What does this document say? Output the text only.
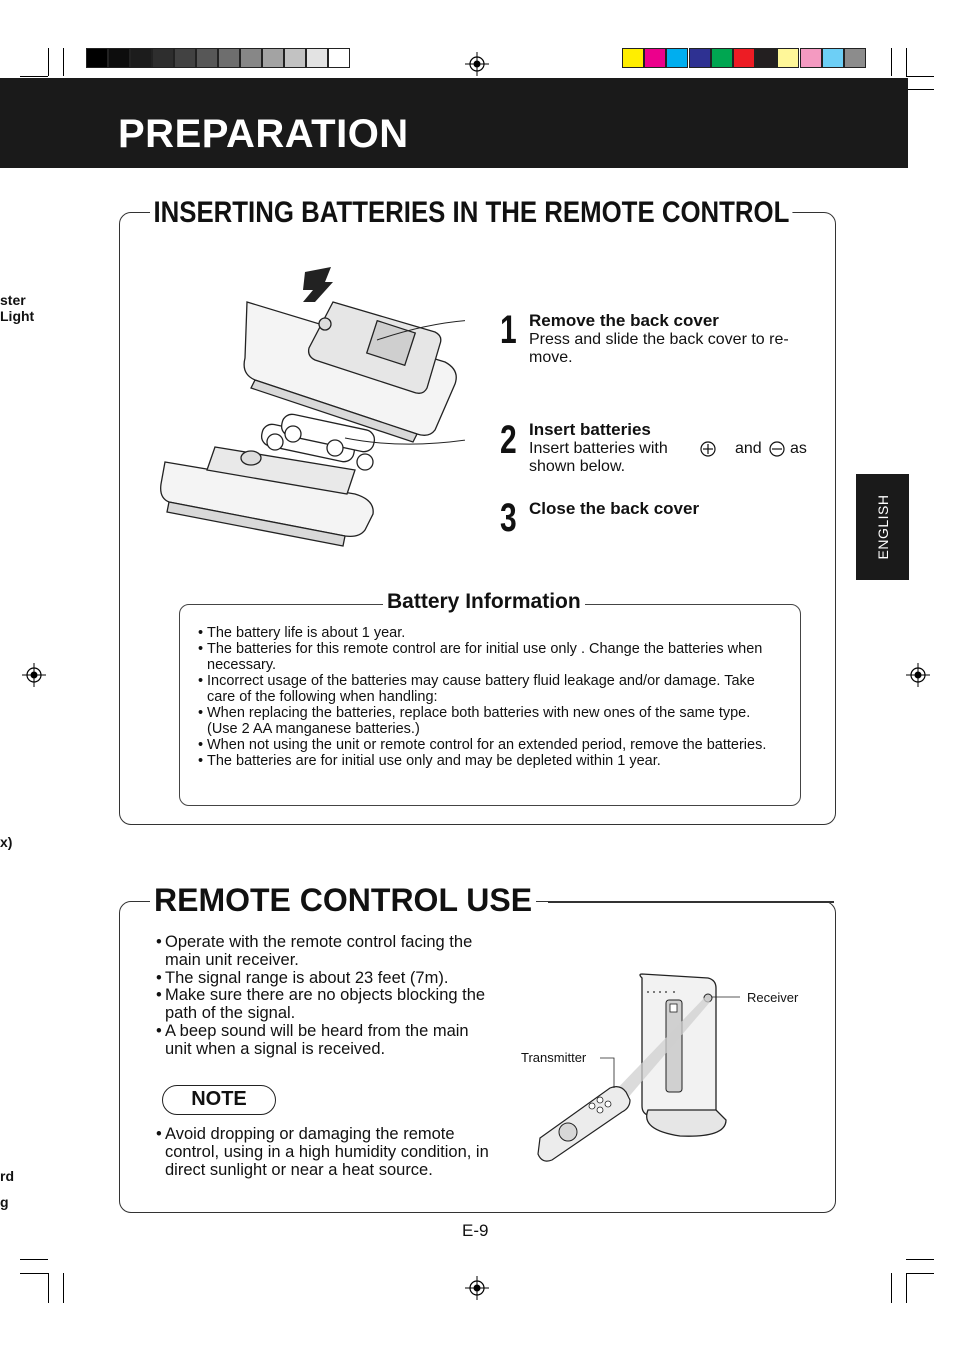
PREPARATION
ENGLISH
ster
Light
x)
rd
g
INSERTING BATTERIES IN THE REMOTE CONTROL
1 Remove the back cover
Press and slide the back cover to re-
move.
2 Insert batteries
Insert batteries with	and as
shown below.
3 Close the back cover
Battery Information
• The battery life is about 1 year.
• The batteries for this remote control are for initial use only . Change the batteries when necessary.
• Incorrect usage of the batteries may cause battery fluid leakage and/or damage. Take care of the following when handling:
• When replacing the batteries, replace both batteries with new ones of the same type. (Use 2 AA manganese batteries.)
• When not using the unit or remote control for an extended period, remove the batteries.
• The batteries are for initial use only and may be depleted within 1 year.
REMOTE CONTROL USE
• Operate with the remote control facing the main unit receiver.
• The signal range is about 23 feet (7m).
• Make sure there are no objects blocking the path of the signal.
• A beep sound will be heard from the main unit when a signal is received.
NOTE
• Avoid dropping or damaging the remote control, using in a high humidity condition, in direct sunlight or near a heat source.
Receiver
Transmitter
E-9
